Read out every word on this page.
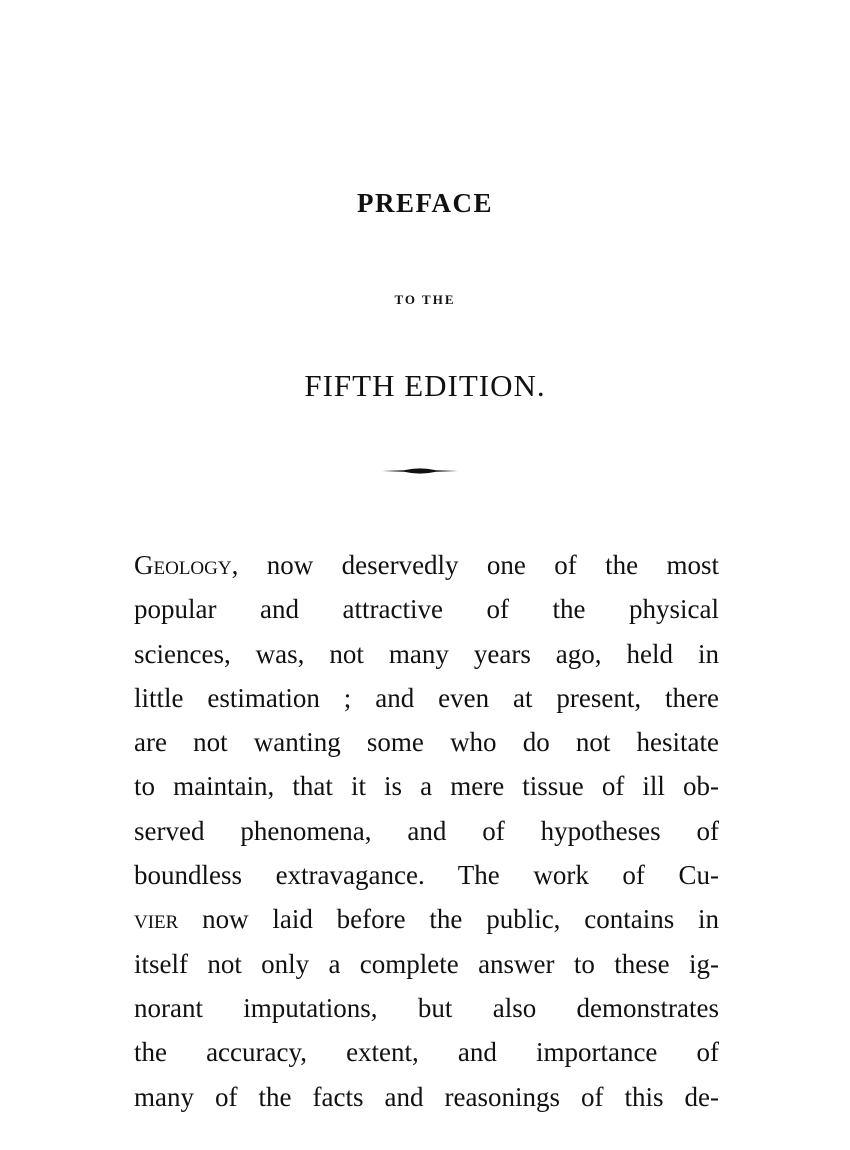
PREFACE
TO THE
FIFTH EDITION.
Geology, now deservedly one of the most
popular and attractive of the physical
sciences, was, not many years ago, held in
little estimation ; and even at present, there
are not wanting some who do not hesitate
to maintain, that it is a mere tissue of ill ob-
served phenomena, and of hypotheses of
boundless extravagance. The work of Cu-
vier now laid before the public, contains in
itself not only a complete answer to these ig-
norant imputations, but also demonstrates
the accuracy, extent, and importance of
many of the facts and reasonings of this de-
